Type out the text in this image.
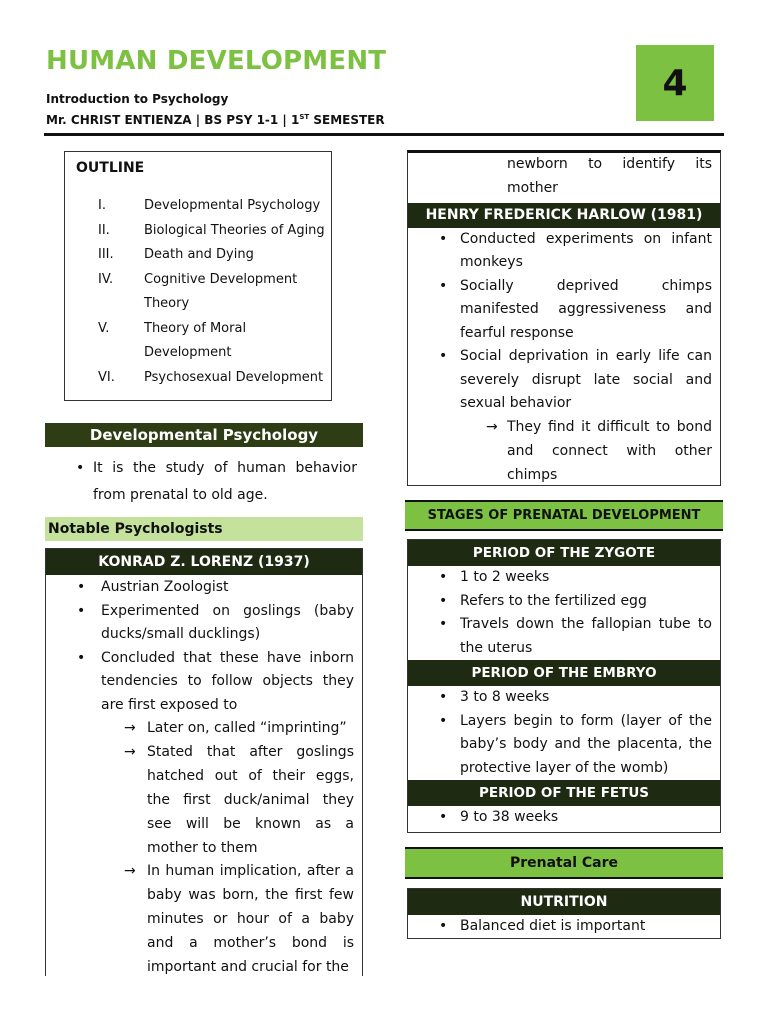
HUMAN DEVELOPMENT
Introduction to Psychology
Mr. CHRIST ENTIENZA | BS PSY 1-1 | 1ST SEMESTER
4
OUTLINE
I.	Developmental Psychology
II.	Biological Theories of Aging
III.	Death and Dying
IV.	Cognitive Development Theory
V.	Theory of Moral Development
VI.	Psychosexual Development
Developmental Psychology
• It is the study of human behavior from prenatal to old age.
Notable Psychologists
KONRAD Z. LORENZ (1937)
• Austrian Zoologist
• Experimented on goslings (baby ducks/small ducklings)
• Concluded that these have inborn tendencies to follow objects they are first exposed to
→ Later on, called “imprinting”
→ Stated that after goslings hatched out of their eggs, the first duck/animal they see will be known as a mother to them
→ In human implication, after a baby was born, the first few minutes or hour of a baby and a mother’s bond is important and crucial for the
newborn to identify its mother
HENRY FREDERICK HARLOW (1981)
• Conducted experiments on infant monkeys
• Socially deprived chimps manifested aggressiveness and fearful response
• Social deprivation in early life can severely disrupt late social and sexual behavior
→ They find it difficult to bond and connect with other chimps
STAGES OF PRENATAL DEVELOPMENT
PERIOD OF THE ZYGOTE
• 1 to 2 weeks
• Refers to the fertilized egg
• Travels down the fallopian tube to the uterus
PERIOD OF THE EMBRYO
• 3 to 8 weeks
• Layers begin to form (layer of the baby’s body and the placenta, the protective layer of the womb)
PERIOD OF THE FETUS
• 9 to 38 weeks
Prenatal Care
NUTRITION
• Balanced diet is important
